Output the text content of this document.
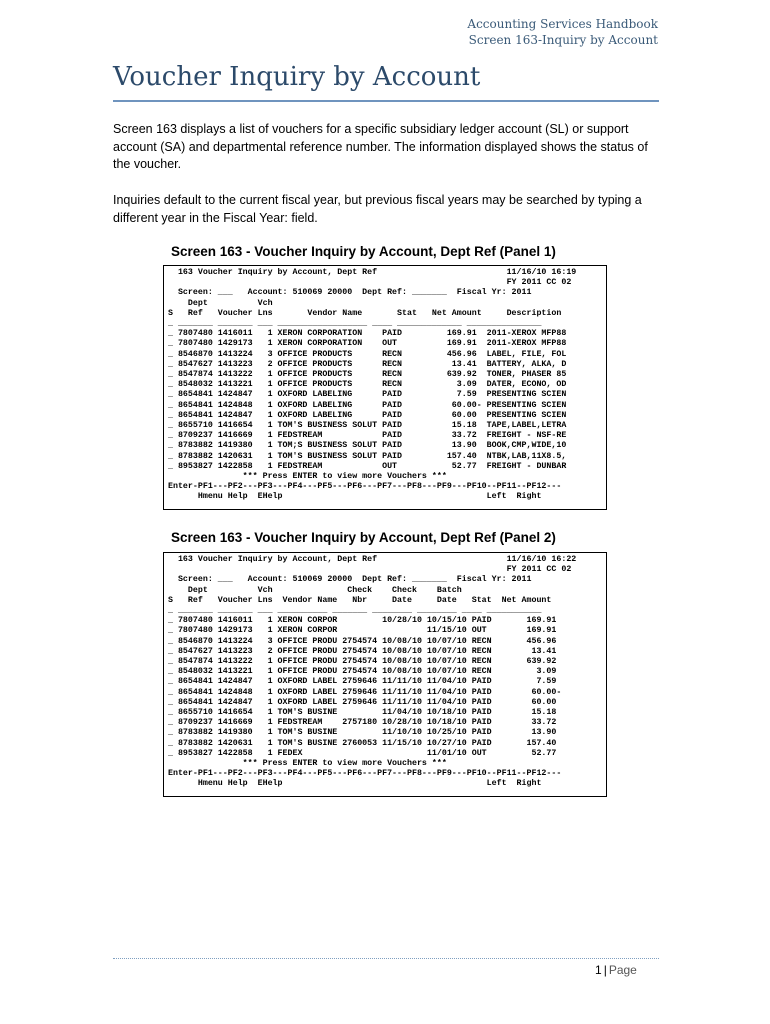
Accounting Services Handbook
Screen 163-Inquiry by Account
Voucher Inquiry by Account

Screen 163 displays a list of vouchers for a specific subsidiary ledger account (SL) or support account (SA) and departmental reference number. The information displayed shows the status of the voucher.

Inquiries default to the current fiscal year, but previous fiscal years may be searched by typing a different year in the Fiscal Year: field.

Screen 163 - Voucher Inquiry by Account, Dept Ref (Panel 1)
163 Voucher Inquiry by Account, Dept Ref                          11/16/10 16:19
FY 2011 CC 02
Screen: ___   Account: 510069 20000  Dept Ref: _______  Fiscal Yr: 2011
Dept          Vch
S   Ref   Voucher Lns       Vendor Name       Stat   Net Amount     Description
_ _______ _______ ___ __________________ ____ _____________ _______________
_ 7807480 1416011   1 XERON CORPORATION    PAID         169.91  2011-XEROX MFP88
_ 7807480 1429173   1 XERON CORPORATION    OUT          169.91  2011-XEROX MFP88
_ 8546870 1413224   3 OFFICE PRODUCTS      RECN         456.96  LABEL, FILE, FOL
_ 8547627 1413223   2 OFFICE PRODUCTS      RECN          13.41  BATTERY, ALKA, D
_ 8547874 1413222   1 OFFICE PRODUCTS      RECN         639.92  TONER, PHASER 85
_ 8548032 1413221   1 OFFICE PRODUCTS      RECN           3.09  DATER, ECONO, OD
_ 8654841 1424847   1 OXFORD LABELING      PAID           7.59  PRESENTING SCIEN
_ 8654841 1424848   1 OXFORD LABELING      PAID          60.00- PRESENTING SCIEN
_ 8654841 1424847   1 OXFORD LABELING      PAID          60.00  PRESENTING SCIEN
_ 8655710 1416654   1 TOM'S BUSINESS SOLUT PAID          15.18  TAPE,LABEL,LETRA
_ 8709237 1416669   1 FEDSTREAM            PAID          33.72  FREIGHT - NSF-RE
_ 8783882 1419380   1 TOM;S BUSINESS SOLUT PAID          13.90  BOOK,CMP,WIDE,10
_ 8783882 1420631   1 TOM'S BUSINESS SOLUT PAID         157.40  NTBK,LAB,11X8.5,
_ 8953827 1422858   1 FEDSTREAM            OUT           52.77  FREIGHT - DUNBAR
*** Press ENTER to view more Vouchers ***
Enter-PF1---PF2---PF3---PF4---PF5---PF6---PF7---PF8---PF9---PF10--PF11--PF12---
Hmenu Help  EHelp                                         Left  Right
Screen 163 - Voucher Inquiry by Account, Dept Ref (Panel 2)
163 Voucher Inquiry by Account, Dept Ref                          11/16/10 16:22
FY 2011 CC 02
Screen: ___   Account: 510069 20000  Dept Ref: _______  Fiscal Yr: 2011
Dept          Vch               Check    Check    Batch
S   Ref   Voucher Lns  Vendor Name   Nbr     Date     Date   Stat  Net Amount
_ _______ _______ ___ __________ _______ ________ ________ ____ ___________
_ 7807480 1416011   1 XERON CORPOR         10/28/10 10/15/10 PAID       169.91
_ 7807480 1429173   1 XERON CORPOR                  11/15/10 OUT        169.91
_ 8546870 1413224   3 OFFICE PRODU 2754574 10/08/10 10/07/10 RECN       456.96
_ 8547627 1413223   2 OFFICE PRODU 2754574 10/08/10 10/07/10 RECN        13.41
_ 8547874 1413222   1 OFFICE PRODU 2754574 10/08/10 10/07/10 RECN       639.92
_ 8548032 1413221   1 OFFICE PRODU 2754574 10/08/10 10/07/10 RECN         3.09
_ 8654841 1424847   1 OXFORD LABEL 2759646 11/11/10 11/04/10 PAID         7.59
_ 8654841 1424848   1 OXFORD LABEL 2759646 11/11/10 11/04/10 PAID        60.00-
_ 8654841 1424847   1 OXFORD LABEL 2759646 11/11/10 11/04/10 PAID        60.00
_ 8655710 1416654   1 TOM'S BUSINE         11/04/10 10/18/10 PAID        15.18
_ 8709237 1416669   1 FEDSTREAM    2757180 10/28/10 10/18/10 PAID        33.72
_ 8783882 1419380   1 TOM'S BUSINE         11/10/10 10/25/10 PAID        13.90
_ 8783882 1420631   1 TOM'S BUSINE 2760053 11/15/10 10/27/10 PAID       157.40
_ 8953827 1422858   1 FEDEX                         11/01/10 OUT         52.77
*** Press ENTER to view more Vouchers ***
Enter-PF1---PF2---PF3---PF4---PF5---PF6---PF7---PF8---PF9---PF10--PF11--PF12---
Hmenu Help  EHelp                                         Left  Right
1 | Page
